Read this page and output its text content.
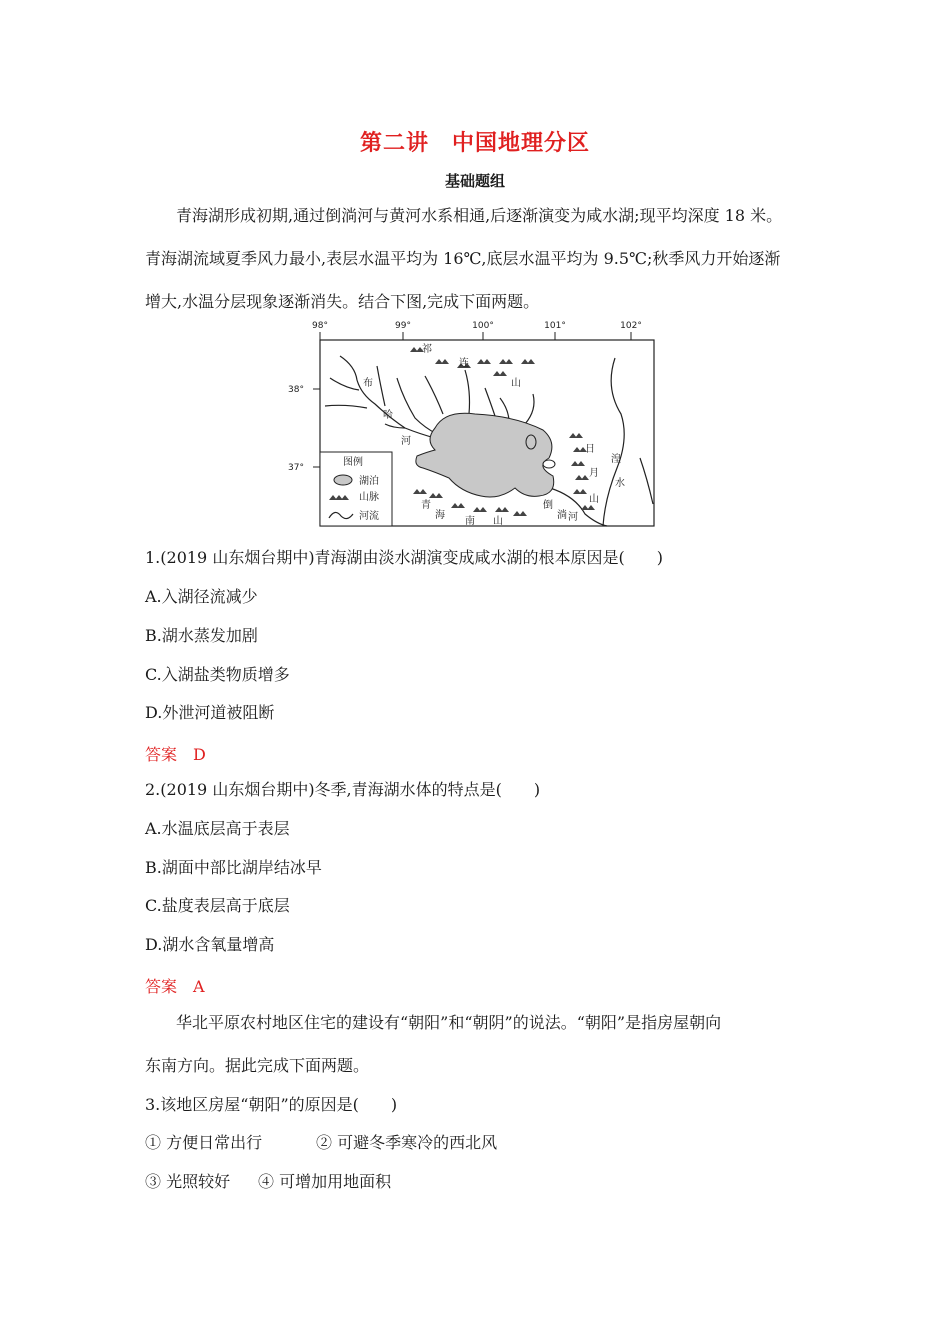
第二讲　中国地理分区
基础题组
青海湖形成初期,通过倒淌河与黄河水系相通,后逐渐演变为咸水湖;现平均深度 18 米。
青海湖流域夏季风力最小,表层水温平均为 16℃,底层水温平均为 9.5℃;秋季风力开始逐渐
增大,水温分层现象逐渐消失。结合下图,完成下面两题。
98°	99°	100°	101°	102°
38°
37°
祁
连
山
布
哈
河
日
月
山
湟
水
青
海
南 山
倒
淌 河
图例
湖泊
山脉
河流
1.(2019 山东烟台期中)青海湖由淡水湖演变成咸水湖的根本原因是(　　)
A.入湖径流减少
B.湖水蒸发加剧
C.入湖盐类物质增多
D.外泄河道被阻断
答案 D
2.(2019 山东烟台期中)冬季,青海湖水体的特点是(　　)
A.水温底层高于表层
B.湖面中部比湖岸结冰早
C.盐度表层高于底层
D.湖水含氧量增高
答案 A
华北平原农村地区住宅的建设有“朝阳”和“朝阴”的说法。“朝阳”是指房屋朝向
东南方向。据此完成下面两题。
3.该地区房屋“朝阳”的原因是(　　)
① 方便日常出行	② 可避冬季寒冷的西北风
③ 光照较好 ④ 可增加用地面积
